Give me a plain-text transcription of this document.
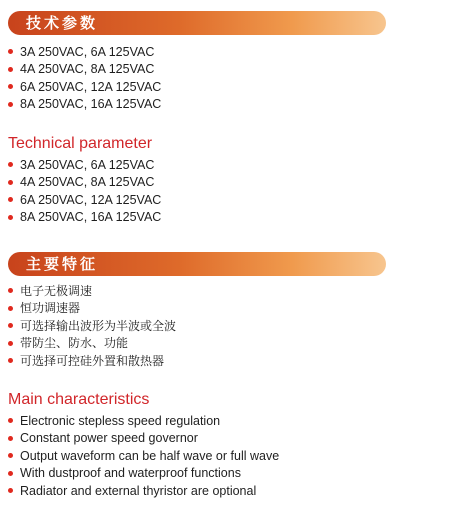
技术参数
3A 250VAC, 6A 125VAC
4A 250VAC, 8A 125VAC
6A 250VAC, 12A 125VAC
8A 250VAC, 16A 125VAC
Technical parameter
3A 250VAC, 6A 125VAC
4A 250VAC, 8A 125VAC
6A 250VAC, 12A 125VAC
8A 250VAC, 16A 125VAC
主要特征
电子无极调速
恒功调速器
可选择输出波形为半波或全波
带防尘、防水、功能
可选择可控硅外置和散热器
Main characteristics
Electronic stepless speed regulation
Constant power speed governor
Output waveform can be half wave or full wave
With dustproof and waterproof functions
Radiator and external thyristor are optional
